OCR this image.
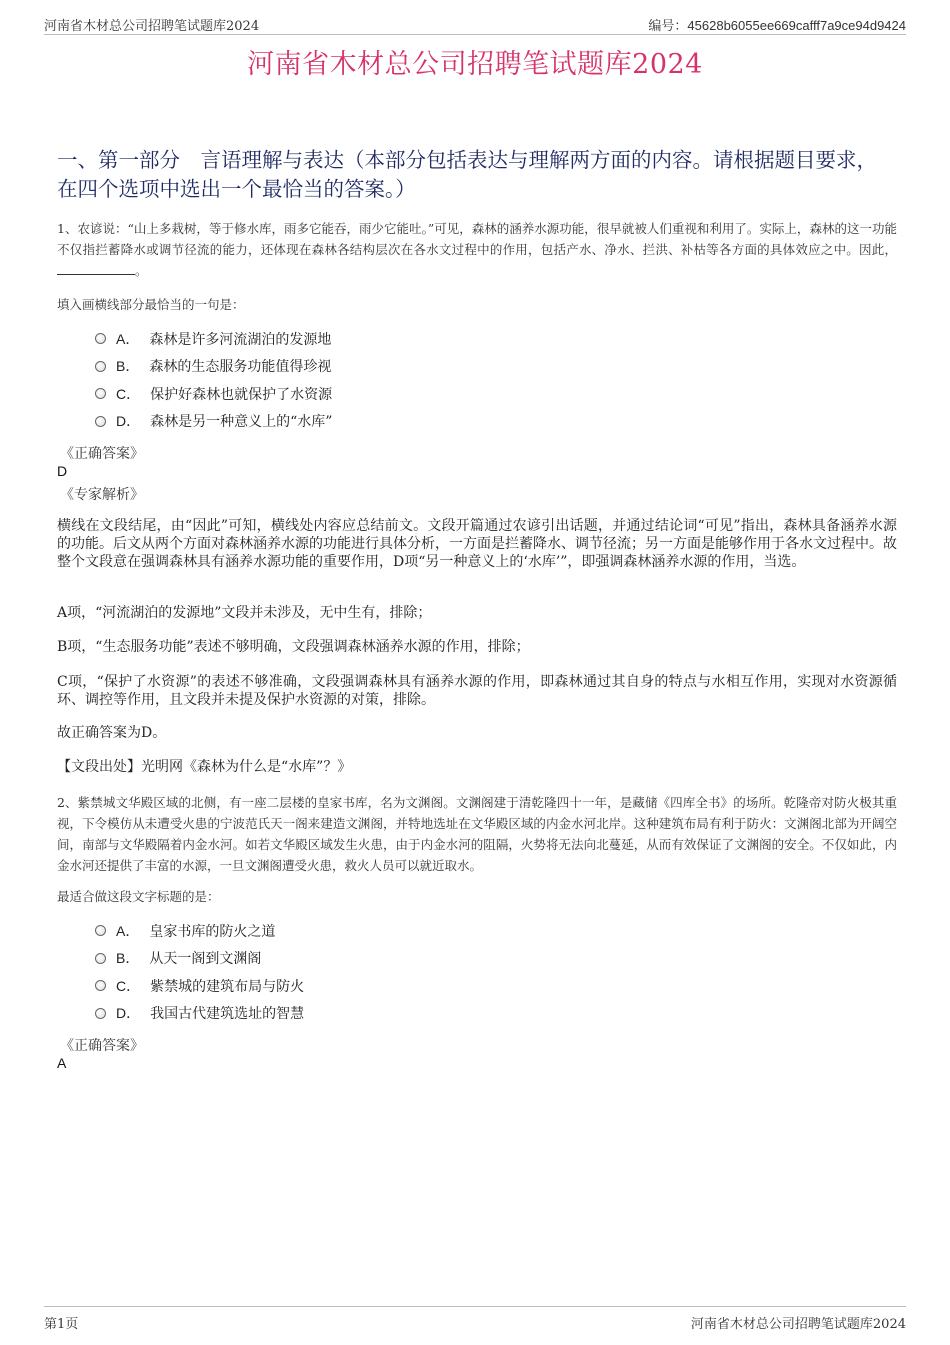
河南省木材总公司招聘笔试题库2024	编号：45628b6055ee669cafff7a9ce94d9424
河南省木材总公司招聘笔试题库2024
一、第一部分　言语理解与表达（本部分包括表达与理解两方面的内容。请根据题目要求，在四个选项中选出一个最恰当的答案。）
1、农谚说：“山上多栽树，等于修水库，雨多它能吞，雨少它能吐。”可见，森林的涵养水源功能，很早就被人们重视和利用了。实际上，森林的这一功能不仅指拦蓄降水或调节径流的能力，还体现在森林各结构层次在各水文过程中的作用，包括产水、净水、拦洪、补枯等各方面的具体效应之中。因此，。
填入画横线部分最恰当的一句是：
A． 森林是许多河流湖泊的发源地
B． 森林的生态服务功能值得珍视
C． 保护好森林也就保护了水资源
D． 森林是另一种意义上的“水库”
《正确答案》
D
《专家解析》
横线在文段结尾，由“因此”可知，横线处内容应总结前文。文段开篇通过农谚引出话题，并通过结论词“可见”指出，森林具备涵养水源的功能。后文从两个方面对森林涵养水源的功能进行具体分析，一方面是拦蓄降水、调节径流；另一方面是能够作用于各水文过程中。故整个文段意在强调森林具有涵养水源功能的重要作用，D项“另一种意义上的‘水库’”，即强调森林涵养水源的作用，当选。
A项，“河流湖泊的发源地”文段并未涉及，无中生有，排除；
B项，“生态服务功能”表述不够明确，文段强调森林涵养水源的作用，排除；
C项，“保护了水资源”的表述不够准确，文段强调森林具有涵养水源的作用，即森林通过其自身的特点与水相互作用，实现对水资源循环、调控等作用，且文段并未提及保护水资源的对策，排除。
故正确答案为D。
【文段出处】光明网《森林为什么是“水库”？》
2、紫禁城文华殿区域的北侧，有一座二层楼的皇家书库，名为文渊阁。文渊阁建于清乾隆四十一年，是藏储《四库全书》的场所。乾隆帝对防火极其重视，下令模仿从未遭受火患的宁波范氏天一阁来建造文渊阁，并特地选址在文华殿区域的内金水河北岸。这种建筑布局有利于防火：文渊阁北部为开阔空间，南部与文华殿隔着内金水河。如若文华殿区域发生火患，由于内金水河的阻隔，火势将无法向北蔓延，从而有效保证了文渊阁的安全。不仅如此，内金水河还提供了丰富的水源，一旦文渊阁遭受火患，救火人员可以就近取水。
最适合做这段文字标题的是：
A． 皇家书库的防火之道
B． 从天一阁到文渊阁
C． 紫禁城的建筑布局与防火
D． 我国古代建筑选址的智慧
《正确答案》
A
第1页	河南省木材总公司招聘笔试题库2024
